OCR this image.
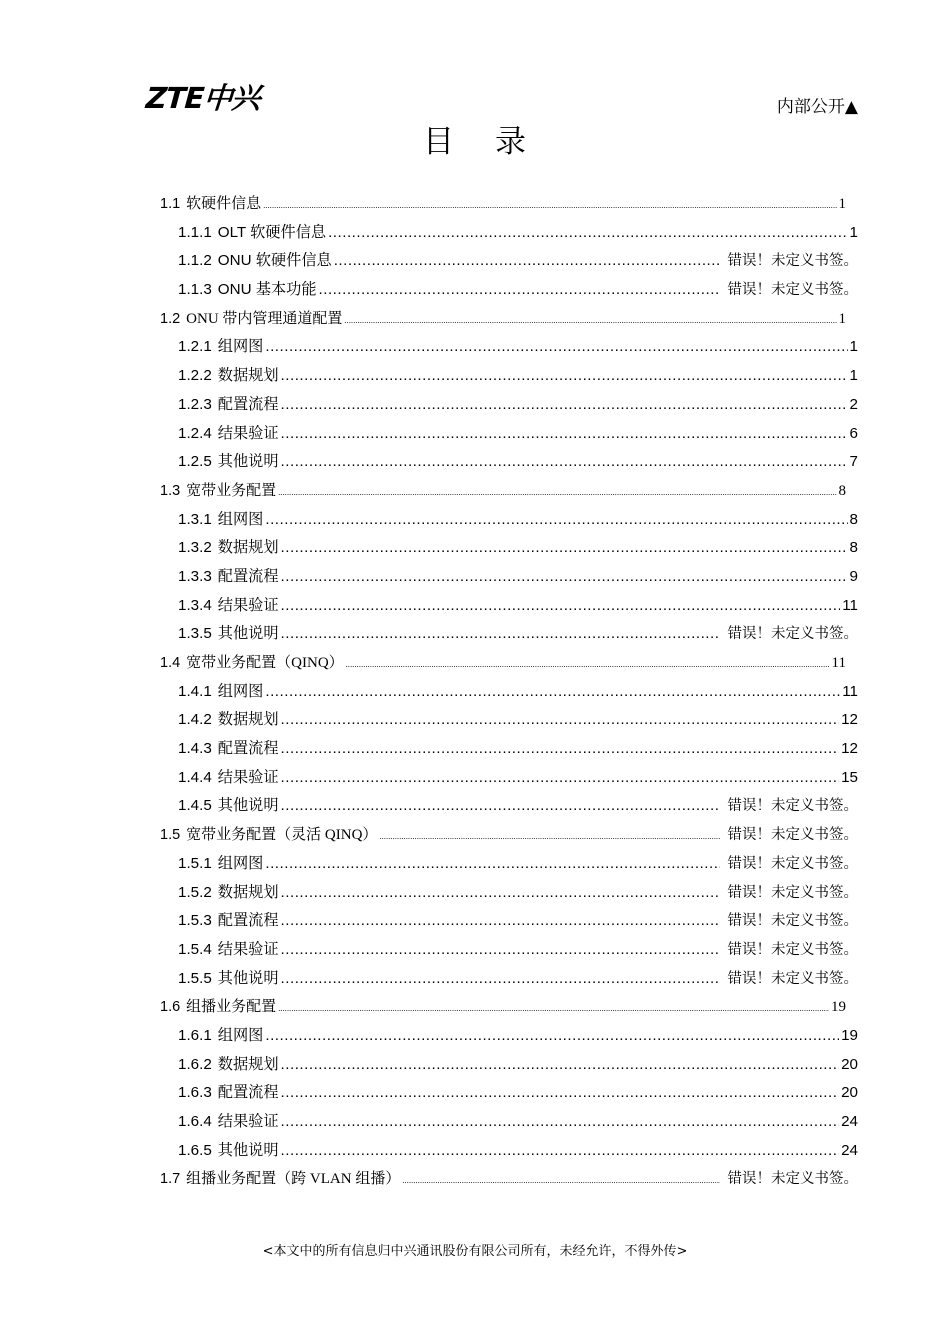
ZTE中兴	内部公开▲
目 录
1.1 软硬件信息 .....	1
1.1.1 OLT 软硬件信息 .....	1
1.1.2 ONU 软硬件信息 .....	错误！未定义书签。
1.1.3 ONU 基本功能 .....	错误！未定义书签。
1.2 ONU 带内管理通道配置 .....	1
1.2.1 组网图 .....	1
1.2.2 数据规划 .....	1
1.2.3 配置流程 .....	2
1.2.4 结果验证 .....	6
1.2.5 其他说明 .....	7
1.3 宽带业务配置 .....	8
1.3.1 组网图 .....	8
1.3.2 数据规划 .....	8
1.3.3 配置流程 .....	9
1.3.4 结果验证 .....	11
1.3.5 其他说明 .....	错误！未定义书签。
1.4 宽带业务配置（QINQ） .....	11
1.4.1 组网图 .....	11
1.4.2 数据规划 .....	12
1.4.3 配置流程 .....	12
1.4.4 结果验证 .....	15
1.4.5 其他说明 .....	错误！未定义书签。
1.5 宽带业务配置（灵活 QINQ） .....	错误！未定义书签。
1.5.1 组网图 .....	错误！未定义书签。
1.5.2 数据规划 .....	错误！未定义书签。
1.5.3 配置流程 .....	错误！未定义书签。
1.5.4 结果验证 .....	错误！未定义书签。
1.5.5 其他说明 .....	错误！未定义书签。
1.6 组播业务配置 .....	19
1.6.1 组网图 .....	19
1.6.2 数据规划 .....	20
1.6.3 配置流程 .....	20
1.6.4 结果验证 .....	24
1.6.5 其他说明 .....	24
1.7 组播业务配置（跨 VLAN 组播） .....	错误！未定义书签。
<本文中的所有信息归中兴通讯股份有限公司所有，未经允许，不得外传>
